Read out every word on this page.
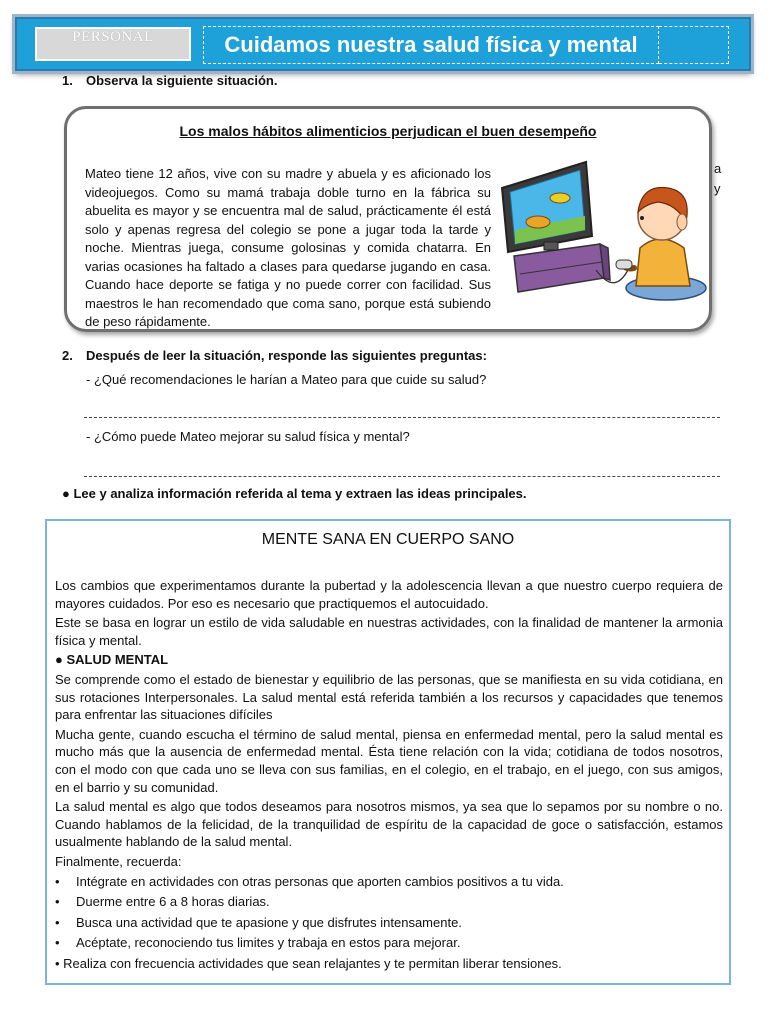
PERSONAL	Cuidamos nuestra salud física y mental
1. Observa la siguiente situación.
Los malos hábitos alimenticios perjudican el buen desempeño
Mateo tiene 12 años, vive con su madre y abuela y es aficionado los videojuegos. Como su mamá trabaja doble turno en la fábrica su abuelita es mayor y se encuentra mal de salud, prácticamente él está solo y apenas regresa del colegio se pone a jugar toda la tarde y noche. Mientras juega, consume golosinas y comida chatarra. En varias ocasiones ha faltado a clases para quedarse jugando en casa. Cuando hace deporte se fatiga y no puede correr con facilidad. Sus maestros le han recomendado que coma sano, porque está subiendo de peso rápidamente.
a
y
2. Después de leer la situación, responde las siguientes preguntas:
- ¿Qué recomendaciones le harían a Mateo para que cuide su salud?
- ¿Cómo puede Mateo mejorar su salud física y mental?
● Lee y analiza información referida al tema y extraen las ideas principales.
MENTE SANA EN CUERPO SANO

Los cambios que experimentamos durante la pubertad y la adolescencia llevan a que nuestro cuerpo requiera de mayores cuidados. Por eso es necesario que practiquemos el autocuidado.

Este se basa en lograr un estilo de vida saludable en nuestras actividades, con la finalidad de mantener la armonia física y mental.

● SALUD MENTAL

Se comprende como el estado de bienestar y equilibrio de las personas, que se manifiesta en su vida cotidiana, en sus rotaciones Interpersonales. La salud mental está referida también a los recursos y capacidades que tenemos para enfrentar las situaciones difíciles

Mucha gente, cuando escucha el término de salud mental, piensa en enfermedad mental, pero la salud mental es mucho más que la ausencia de enfermedad mental. Ésta tiene relación con la vida; cotidiana de todos nosotros, con el modo con que cada uno se lleva con sus familias, en el colegio, en el trabajo, en el juego, con sus amigos, en el barrio y su comunidad.

La salud mental es algo que todos deseamos para nosotros mismos, ya sea que lo sepamos por su nombre o no. Cuando hablamos de la felicidad, de la tranquilidad de espíritu de la capacidad de goce o satisfacción, estamos usualmente hablando de la salud mental.

Finalmente, recuerda:

• Intégrate en actividades con otras personas que aporten cambios positivos a tu vida.
• Duerme entre 6 a 8 horas diarias.
• Busca una actividad que te apasione y que disfrutes intensamente.
• Acéptate, reconociendo tus limites y trabaja en estos para mejorar.

• Realiza con frecuencia actividades que sean relajantes y te permitan liberar tensiones.
